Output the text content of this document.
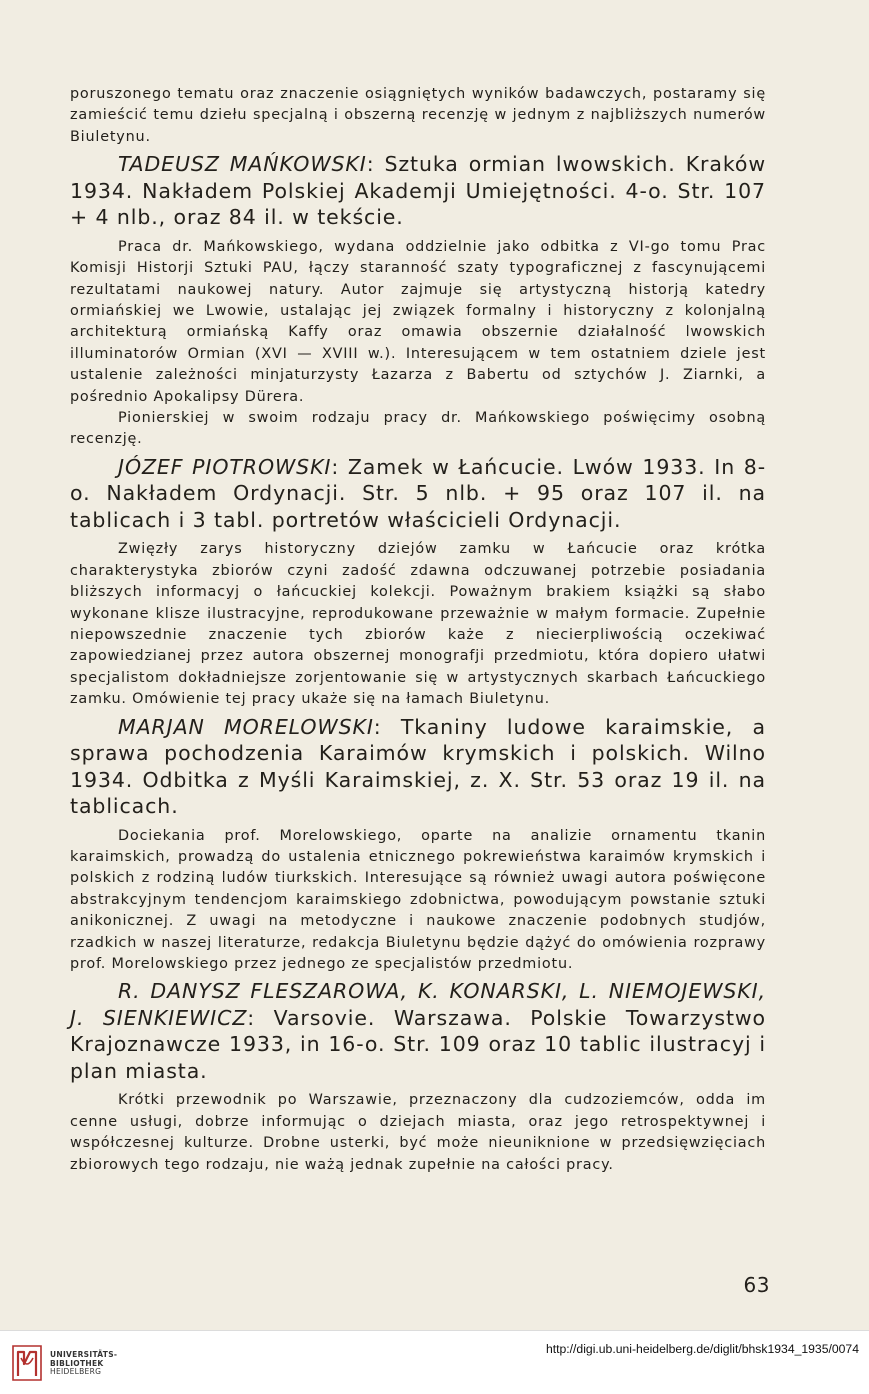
poruszonego tematu oraz znaczenie osiągniętych wyników badawczych, postaramy się zamieścić temu dziełu specjalną i obszerną recenzję w jednym z najbliższych numerów Biuletynu.

TADEUSZ MAŃKOWSKI: Sztuka ormian lwowskich. Kraków 1934. Nakładem Polskiej Akademji Umiejętności. 4-o. Str. 107 + 4 nlb., oraz 84 il. w tekście.

Praca dr. Mańkowskiego, wydana oddzielnie jako odbitka z VI-go tomu Prac Komisji Historji Sztuki PAU, łączy staranność szaty typograficznej z fascynującemi rezultatami naukowej natury. Autor zajmuje się artystyczną historją katedry ormiańskiej we Lwowie, ustalając jej związek formalny i historyczny z kolonjalną architekturą ormiańską Kaffy oraz omawia obszernie działalność lwowskich illuminatorów Ormian (XVI — XVIII w.). Interesującem w tem ostatniem dziele jest ustalenie zależności minjaturzysty Łazarza z Babertu od sztychów J. Ziarnki, a pośrednio Apokalipsy Dürera.

Pionierskiej w swoim rodzaju pracy dr. Mańkowskiego poświęcimy osobną recenzję.

JÓZEF PIOTROWSKI: Zamek w Łańcucie. Lwów 1933. In 8-o. Nakładem Ordynacji. Str. 5 nlb. + 95 oraz 107 il. na tablicach i 3 tabl. portretów właścicieli Ordynacji.

Zwięzły zarys historyczny dziejów zamku w Łańcucie oraz krótka charakterystyka zbiorów czyni zadość zdawna odczuwanej potrzebie posiadania bliższych informacyj o łańcuckiej kolekcji. Poważnym brakiem książki są słabo wykonane klisze ilustracyjne, reprodukowane przeważnie w małym formacie. Zupełnie niepowszednie znaczenie tych zbiorów każe z niecierpliwością oczekiwać zapowiedzianej przez autora obszernej monografji przedmiotu, która dopiero ułatwi specjalistom dokładniejsze zorjentowanie się w artystycznych skarbach Łańcuckiego zamku. Omówienie tej pracy ukaże się na łamach Biuletynu.

MARJAN MORELOWSKI: Tkaniny ludowe karaimskie, a sprawa pochodzenia Karaimów krymskich i polskich. Wilno 1934. Odbitka z Myśli Karaimskiej, z. X. Str. 53 oraz 19 il. na tablicach.

Dociekania prof. Morelowskiego, oparte na analizie ornamentu tkanin karaimskich, prowadzą do ustalenia etnicznego pokrewieństwa karaimów krymskich i polskich z rodziną ludów tiurkskich. Interesujące są również uwagi autora poświęcone abstrakcyjnym tendencjom karaimskiego zdobnictwa, powodującym powstanie sztuki anikonicznej. Z uwagi na metodyczne i naukowe znaczenie podobnych studjów, rzadkich w naszej literaturze, redakcja Biuletynu będzie dążyć do omówienia rozprawy prof. Morelowskiego przez jednego ze specjalistów przedmiotu.

R. DANYSZ FLESZAROWA, K. KONARSKI, L. NIEMOJEWSKI, J. SIENKIEWICZ: Varsovie. Warszawa. Polskie Towarzystwo Krajoznawcze 1933, in 16-o. Str. 109 oraz 10 tablic ilustracyj i plan miasta.

Krótki przewodnik po Warszawie, przeznaczony dla cudzoziemców, odda im cenne usługi, dobrze informując o dziejach miasta, oraz jego retrospektywnej i współczesnej kulturze. Drobne usterki, być może nieuniknione w przedsięwzięciach zbiorowych tego rodzaju, nie ważą jednak zupełnie na całości pracy.

63
UNIVERSITÄTS-
BIBLIOTHEK
HEIDELBERG
http://digi.ub.uni-heidelberg.de/diglit/bhsk1934_1935/0074
